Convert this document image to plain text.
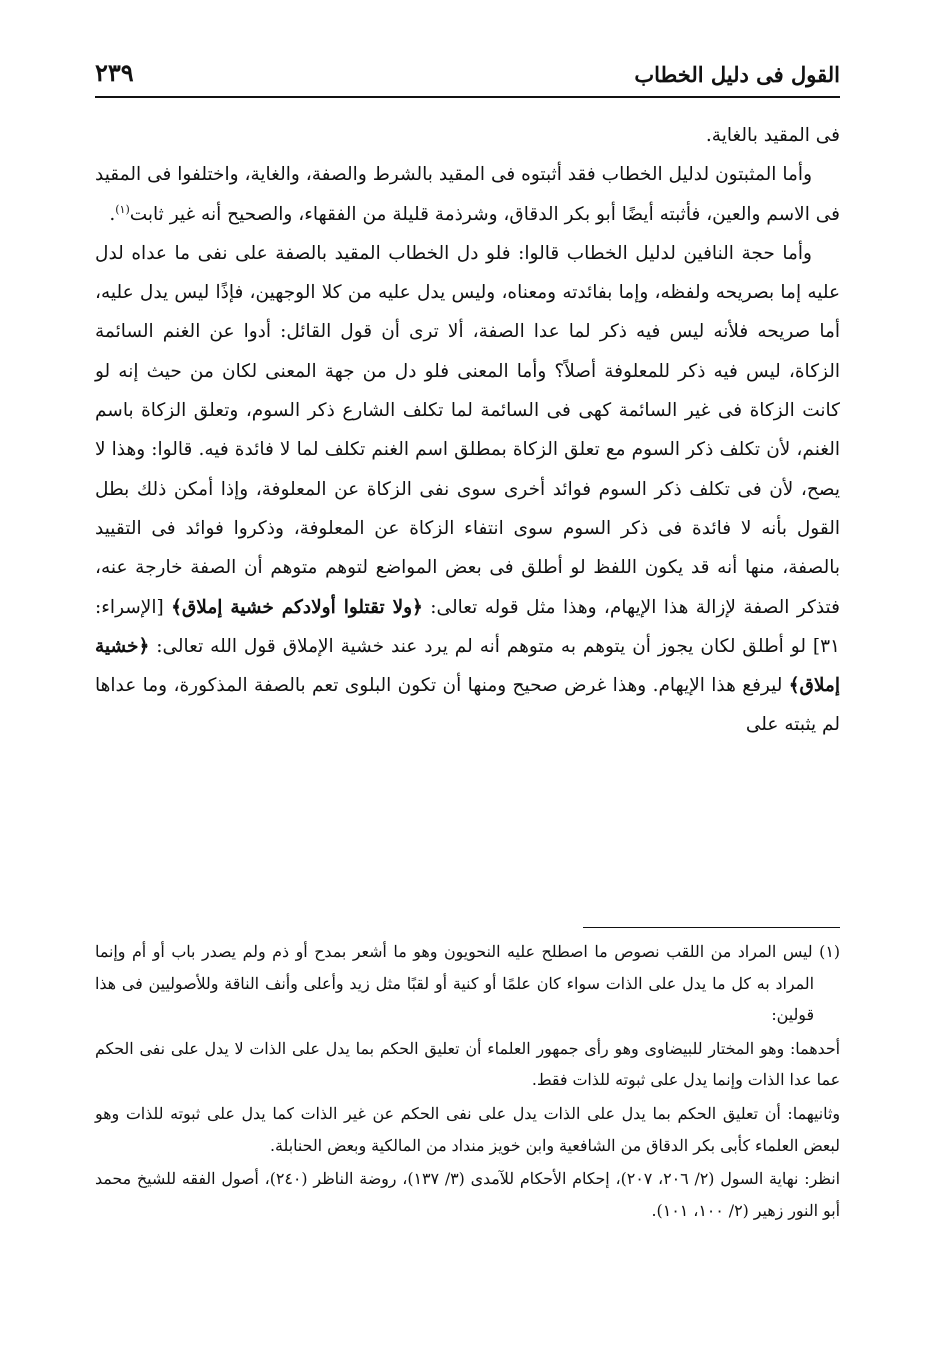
القول فى دليل الخطاب
٢٣٩

فى المقيد بالغاية.

وأما المثبتون لدليل الخطاب فقد أثبتوه فى المقيد بالشرط والصفة، والغاية، واختلفوا فى المقيد فى الاسم والعين، فأثبته أيضًا أبو بكر الدقاق، وشرذمة قليلة من الفقهاء، والصحيح أنه غير ثابت$^{(١)}$.

وأما حجة النافين لدليل الخطاب قالوا: فلو دل الخطاب المقيد بالصفة على نفى ما عداه لدل عليه إما بصريحه ولفظه، وإما بفائدته ومعناه، وليس يدل عليه من كلا الوجهين، فإذًا ليس يدل عليه، أما صريحه فلأنه ليس فيه ذكر لما عدا الصفة، ألا ترى أن قول القائل: أدوا عن الغنم السائمة الزكاة، ليس فيه ذكر للمعلوفة أصلاً؟ وأما المعنى فلو دل من جهة المعنى لكان من حيث إنه لو كانت الزكاة فى غير السائمة كهى فى السائمة لما تكلف الشارع ذكر السوم، وتعلق الزكاة باسم الغنم، لأن تكلف ذكر السوم مع تعلق الزكاة بمطلق اسم الغنم تكلف لما لا فائدة فيه. قالوا: وهذا لا يصح، لأن فى تكلف ذكر السوم فوائد أخرى سوى نفى الزكاة عن المعلوفة، وإذا أمكن ذلك بطل القول بأنه لا فائدة فى ذكر السوم سوى انتفاء الزكاة عن المعلوفة، وذكروا فوائد فى التقييد بالصفة، منها أنه قد يكون اللفظ لو أطلق فى بعض المواضع لتوهم متوهم أن الصفة خارجة عنه، فتذكر الصفة لإزالة هذا الإيهام، وهذا مثل قوله تعالى: ﴿ولا تقتلوا أولادكم خشية إملاق﴾ [الإسراء: ٣١] لو أطلق لكان يجوز أن يتوهم به متوهم أنه لم يرد عند خشية الإملاق قول الله تعالى: ﴿خشية إملاق﴾ ليرفع هذا الإيهام. وهذا غرض صحيح ومنها أن تكون البلوى تعم بالصفة المذكورة، وما عداها لم يثبته على

(١) ليس المراد من اللقب نصوص ما اصطلح عليه النحويون وهو ما أشعر بمدح أو ذم ولم يصدر باب أو أم وإنما المراد به كل ما يدل على الذات سواء كان علمًا أو كنية أو لقبًا مثل زيد وأعلى وأنف الناقة وللأصوليين فى هذا قولين:

أحدهما: وهو المختار للبيضاوى وهو رأى جمهور العلماء أن تعليق الحكم بما يدل على الذات لا يدل على نفى الحكم عما عدا الذات وإنما يدل على ثبوته للذات فقط.

وثانيهما: أن تعليق الحكم بما يدل على الذات يدل على نفى الحكم عن غير الذات كما يدل على ثبوته للذات وهو لبعض العلماء كأبى بكر الدقاق من الشافعية وابن خويز منداد من المالكية وبعض الحنابلة.

انظر: نهاية السول (٢/ ٢٠٦، ٢٠٧)، إحكام الأحكام للآمدى (٣/ ١٣٧)، روضة الناظر (٢٤٠)، أصول الفقه للشيخ محمد أبو النور زهير (٢/ ١٠٠، ١٠١).
